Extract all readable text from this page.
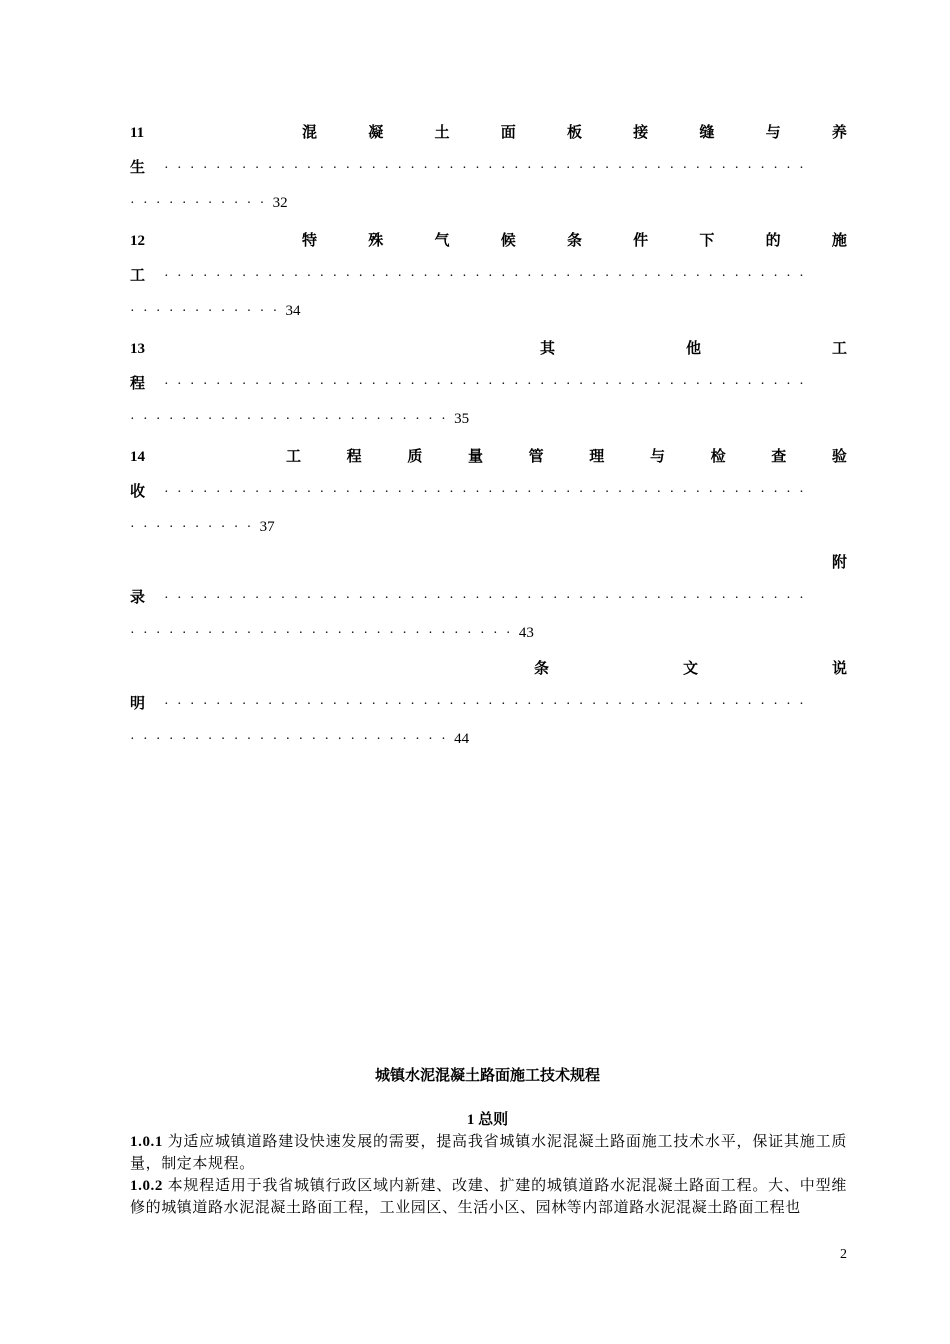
11	混	凝	土	面	板	接	缝	与	养
生 ··················································
···········32
12	特	殊	气	候	条	件	下	的	施
工 ··················································
············34
13	其	他	工
程 ··················································
·························35
14	工	程	质	量	管	理	与	检	查	验
收 ··················································
··········37
附
录 ··················································
······························43
条	文	说
明 ··················································
·························44
城镇水泥混凝土路面施工技术规程
1 总则
1.0.1 为适应城镇道路建设快速发展的需要，提高我省城镇水泥混凝土路面施工技术水平，保证其施工质量，制定本规程。
1.0.2 本规程适用于我省城镇行政区域内新建、改建、扩建的城镇道路水泥混凝土路面工程。大、中型维修的城镇道路水泥混凝土路面工程，工业园区、生活小区、园林等内部道路水泥混凝土路面工程也
2
